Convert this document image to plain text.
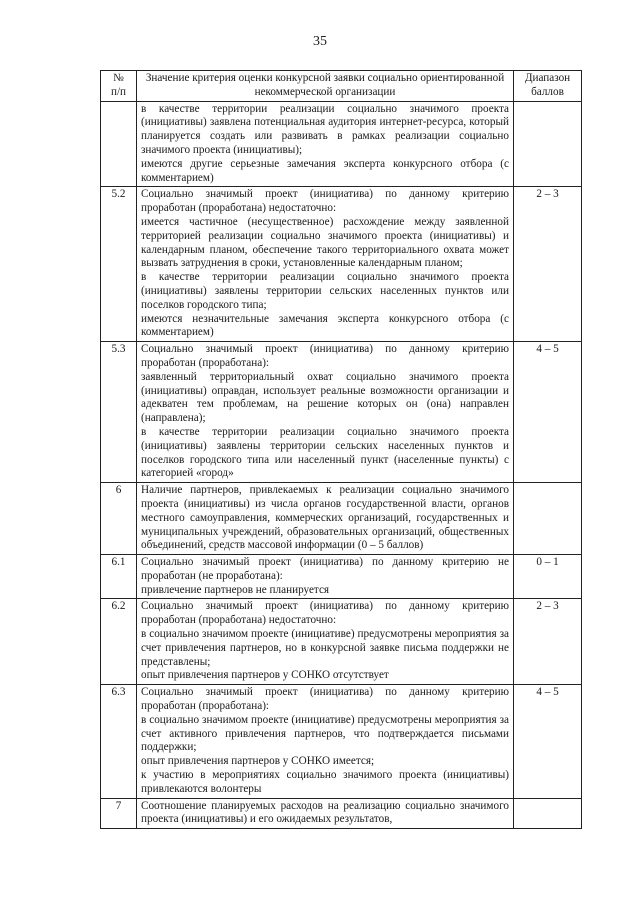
35
№
п/п	Значение критерия оценки конкурсной заявки социально ориентированной некоммерческой организации	Диапазон баллов

	в качестве территории реализации социально значимого проекта (инициативы) заявлена потенциальная аудитория интернет-ресурса, который планируется создать или развивать в рамках реализации социально значимого проекта (инициативы);

имеются другие серьезные замечания эксперта конкурсного отбора (с комментарием)	

5.2	Социально значимый проект (инициатива) по данному критерию проработан (проработана) недостаточно:

имеется частичное (несущественное) расхождение между заявленной территорией реализации социально значимого проекта (инициативы) и календарным планом, обеспечение такого территориального охвата может вызвать затруднения в сроки, установленные календарным планом;

в качестве территории реализации социально значимого проекта (инициативы) заявлены территории сельских населенных пунктов или поселков городского типа;

имеются незначительные замечания эксперта конкурсного отбора (с комментарием)	2 – 3
5.3	Социально значимый проект (инициатива) по данному критерию проработан (проработана):

заявленный территориальный охват социально значимого проекта (инициативы) оправдан, использует реальные возможности организации и адекватен тем проблемам, на решение которых он (она) направлен (направлена);

в качестве территории реализации социально значимого проекта (инициативы) заявлены территории сельских населенных пунктов и поселков городского типа или населенный пункт (населенные пункты) с категорией «город»	4 – 5
6	Наличие партнеров, привлекаемых к реализации социально значимого проекта (инициативы) из числа органов государственной власти, органов местного самоуправления, коммерческих организаций, государственных и муниципальных учреждений, образовательных организаций, общественных объединений, средств массовой информации (0 – 5 баллов)	

6.1	Социально значимый проект (инициатива) по данному критерию не проработан (не проработана):

привлечение партнеров не планируется	0 – 1
6.2	Социально значимый проект (инициатива) по данному критерию проработан (проработана) недостаточно:

в социально значимом проекте (инициативе) предусмотрены мероприятия за счет привлечения партнеров, но в конкурсной заявке письма поддержки не представлены;

опыт привлечения партнеров у СОНКО отсутствует	2 – 3
6.3	Социально значимый проект (инициатива) по данному критерию проработан (проработана):

в социально значимом проекте (инициативе) предусмотрены мероприятия за счет активного привлечения партнеров, что подтверждается письмами поддержки;

опыт привлечения партнеров у СОНКО имеется;

к участию в мероприятиях социально значимого проекта (инициативы) привлекаются волонтеры	4 – 5
7	Соотношение планируемых расходов на реализацию социально значимого проекта (инициативы) и его ожидаемых результатов,	
